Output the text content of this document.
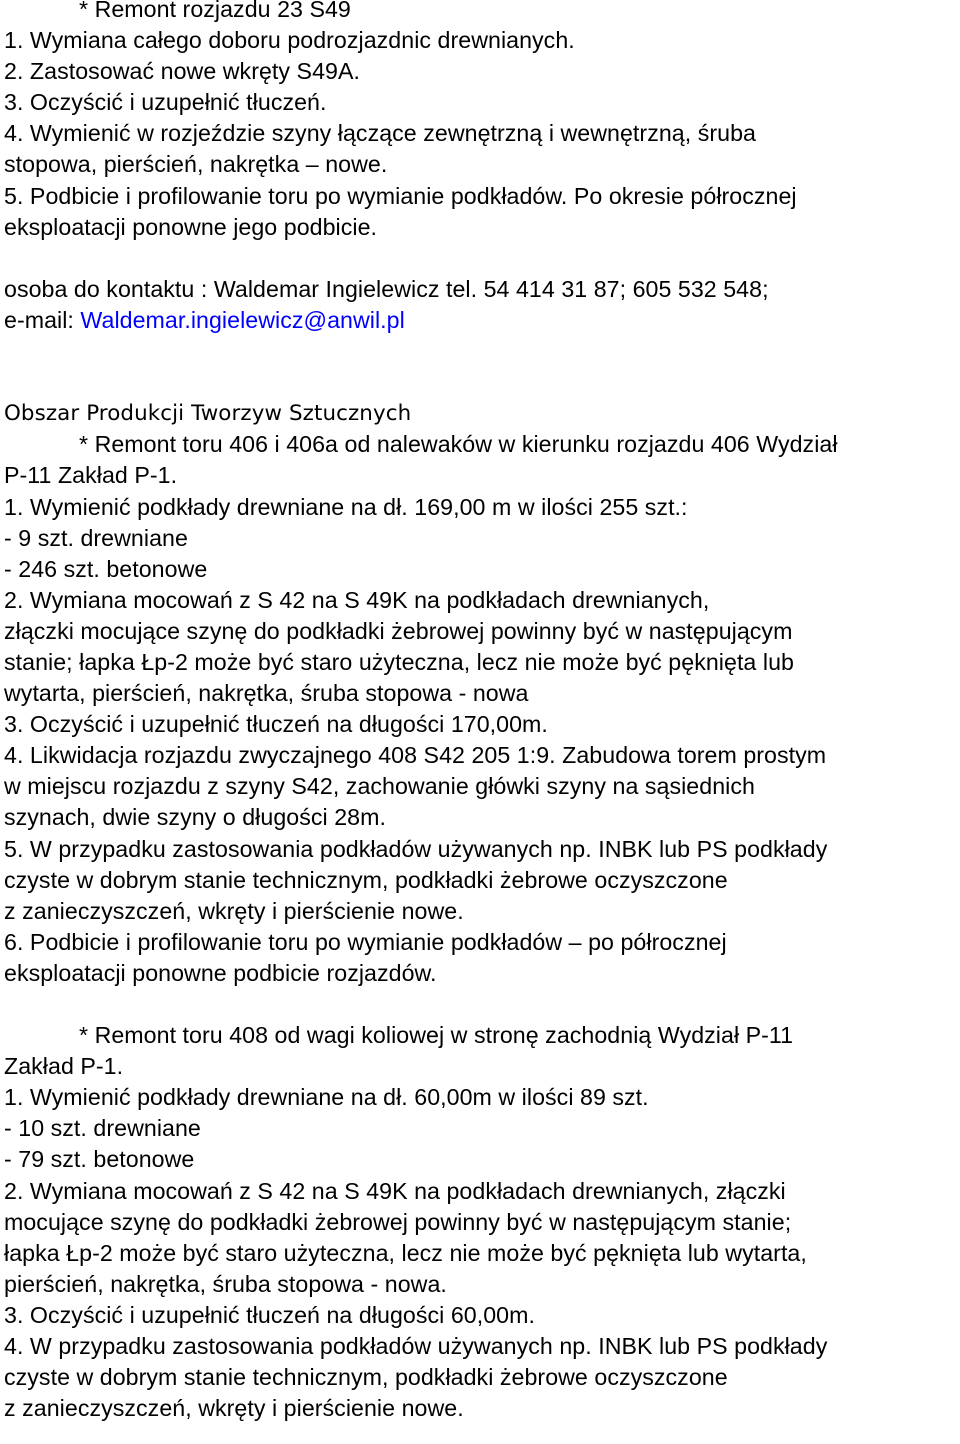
* Remont rozjazdu 23 S49
1. Wymiana całego doboru podrozjazdnic drewnianych.
2. Zastosować nowe wkręty S49A.
3. Oczyścić i uzupełnić tłuczeń.
4. Wymienić w rozjeździe szyny łączące zewnętrzną i wewnętrzną, śruba
stopowa, pierścień, nakrętka – nowe.
5. Podbicie i profilowanie toru po wymianie podkładów. Po okresie półrocznej
eksploatacji ponowne jego podbicie.
osoba do kontaktu : Waldemar Ingielewicz tel. 54 414 31 87; 605 532 548;
e-mail: Waldemar.ingielewicz@anwil.pl
Obszar Produkcji Tworzyw Sztucznych
* Remont toru 406 i 406a od nalewaków w kierunku rozjazdu 406 Wydział
P-11 Zakład P-1.
1. Wymienić podkłady drewniane na dł. 169,00 m w ilości 255 szt.:
- 9 szt. drewniane
- 246 szt. betonowe
2. Wymiana mocowań z S 42 na S 49K na podkładach drewnianych,
złączki mocujące szynę do podkładki żebrowej powinny być w następującym
stanie; łapka Łp-2 może być staro użyteczna, lecz nie może być pęknięta lub
wytarta, pierścień, nakrętka, śruba stopowa - nowa
3. Oczyścić i uzupełnić tłuczeń na długości 170,00m.
4. Likwidacja rozjazdu zwyczajnego 408 S42 205 1:9. Zabudowa torem prostym
w miejscu rozjazdu z szyny S42, zachowanie główki szyny na sąsiednich
szynach, dwie szyny o długości 28m.
5. W przypadku zastosowania podkładów używanych np. INBK lub PS podkłady
czyste w dobrym stanie technicznym, podkładki żebrowe oczyszczone
z zanieczyszczeń, wkręty i pierścienie nowe.
6. Podbicie i profilowanie toru po wymianie podkładów – po półrocznej
eksploatacji ponowne podbicie rozjazdów.
* Remont toru 408 od wagi koliowej w stronę zachodnią Wydział P-11
Zakład P-1.
1. Wymienić podkłady drewniane na dł. 60,00m w ilości 89 szt.
- 10 szt. drewniane
- 79 szt. betonowe
2. Wymiana mocowań z S 42 na S 49K na podkładach drewnianych, złączki
mocujące szynę do podkładki żebrowej powinny być w następującym stanie;
łapka Łp-2 może być staro użyteczna, lecz nie może być pęknięta lub wytarta,
pierścień, nakrętka, śruba stopowa - nowa.
3. Oczyścić i uzupełnić tłuczeń na długości 60,00m.
4. W przypadku zastosowania podkładów używanych np. INBK lub PS podkłady
czyste w dobrym stanie technicznym, podkładki żebrowe oczyszczone
z zanieczyszczeń, wkręty i pierścienie nowe.
